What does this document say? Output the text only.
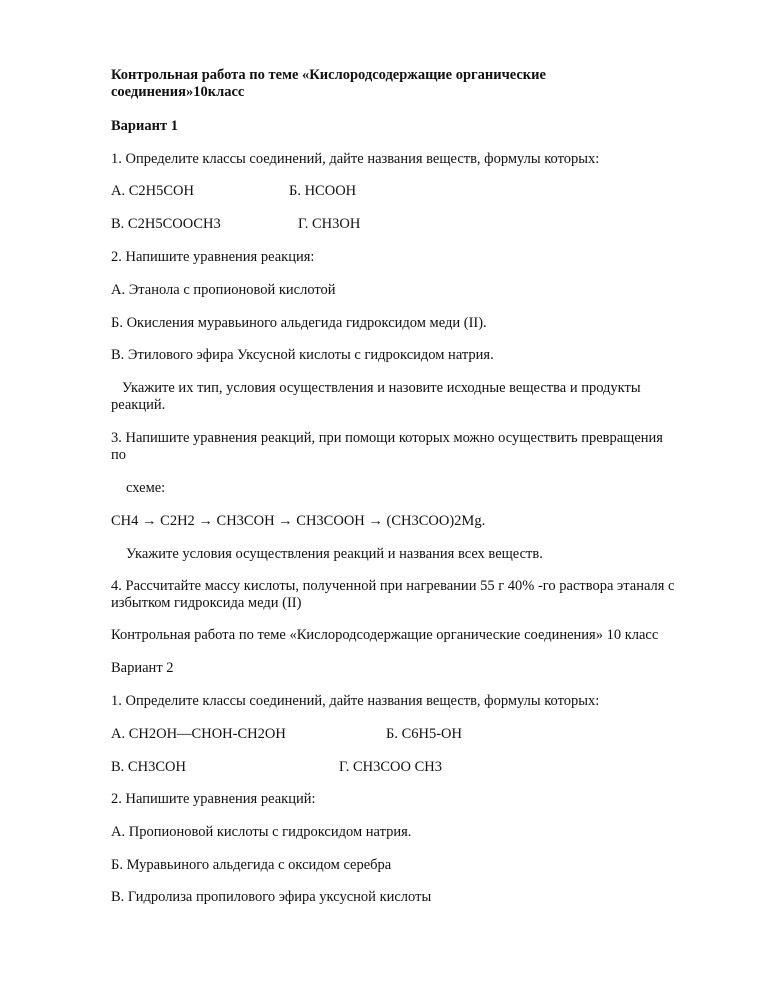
Контрольная работа по теме «Кислородсодержащие органические
соединения»10класс
Вариант 1
1. Определите классы соединений, дайте названия веществ, формулы которых:
А. С2Н5СОН	Б. НСООН
В. С2Н5СООСН3	Г. СН3ОН
2. Напишите уравнения реакция:
А. Этанола с пропионовой кислотой
Б. Окисления муравьиного альдегида гидроксидом меди (II).
В. Этилового эфира Уксусной кислоты с гидроксидом натрия.
Укажите их тип, условия осуществления и назовите исходные вещества и продукты
реакций.
3. Напишите уравнения реакций, при помощи которых можно осуществить превращения
по
схеме:
СН4 → С2Н2 → СН3СОН → СН3СООН → (СН3СОО)2Mg.
Укажите условия осуществления реакций и названия всех веществ.
4. Рассчитайте массу кислоты, полученной при нагревании 55 г 40% -го раствора этаналя с
избытком гидроксида меди (II)
Контрольная работа по теме «Кислородсодержащие органические соединения» 10 класс
Вариант 2
1. Определите классы соединений, дайте названия веществ, формулы которых:
А. СН2ОН—СНОН-СН2ОН	Б. С6Н5-ОН
В. СН3СОН	Г. СН3СОО СН3
2. Напишите уравнения реакций:
А. Пропионовой кислоты с гидроксидом натрия.
Б. Муравьиного альдегида с оксидом серебра
В. Гидролиза пропилового эфира уксусной кислоты
